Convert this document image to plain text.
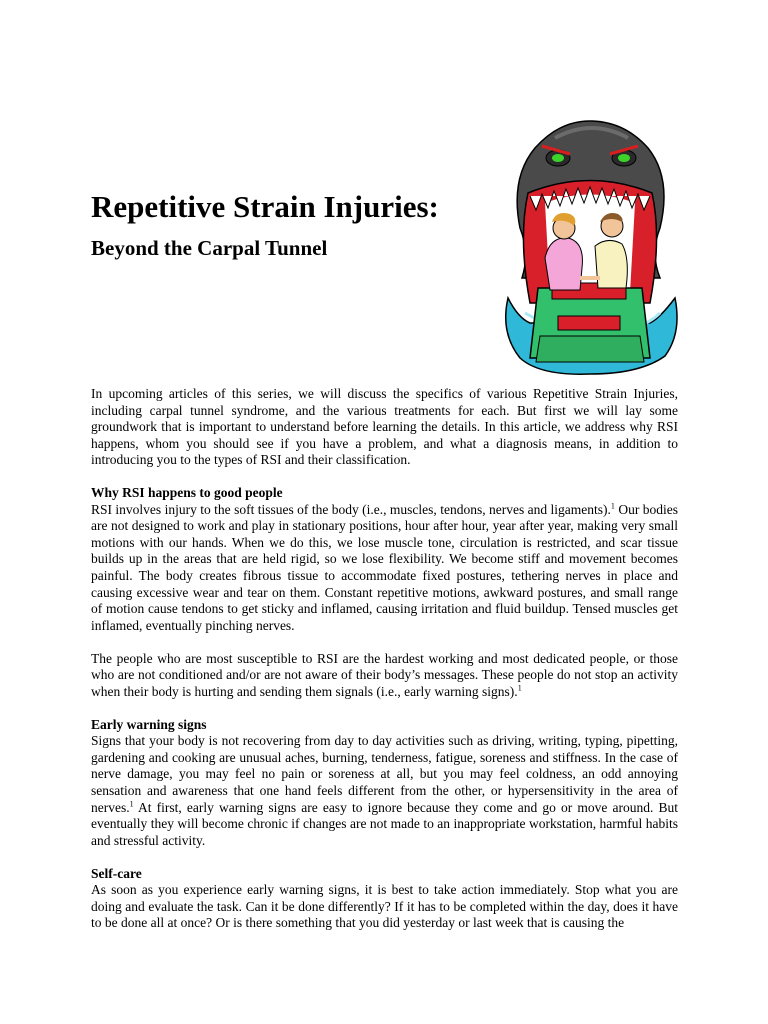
Repetitive Strain Injuries:
Beyond the Carpal Tunnel

In upcoming articles of this series, we will discuss the specifics of various Repetitive Strain Injuries, including carpal tunnel syndrome, and the various treatments for each. But first we will lay some groundwork that is important to understand before learning the details. In this article, we address why RSI happens, whom you should see if you have a problem, and what a diagnosis means, in addition to introducing you to the types of RSI and their classification.

Why RSI happens to good people

RSI involves injury to the soft tissues of the body (i.e., muscles, tendons, nerves and ligaments).$^1$ Our bodies are not designed to work and play in stationary positions, hour after hour, year after year, making very small motions with our hands. When we do this, we lose muscle tone, circulation is restricted, and scar tissue builds up in the areas that are held rigid, so we lose flexibility. We become stiff and movement becomes painful. The body creates fibrous tissue to accommodate fixed postures, tethering nerves in place and causing excessive wear and tear on them. Constant repetitive motions, awkward postures, and small range of motion cause tendons to get sticky and inflamed, causing irritation and fluid buildup. Tensed muscles get inflamed, eventually pinching nerves.

The people who are most susceptible to RSI are the hardest working and most dedicated people, or those who are not conditioned and/or are not aware of their body’s messages. These people do not stop an activity when their body is hurting and sending them signals (i.e., early warning signs).$^1$

Early warning signs

Signs that your body is not recovering from day to day activities such as driving, writing, typing, pipetting, gardening and cooking are unusual aches, burning, tenderness, fatigue, soreness and stiffness. In the case of nerve damage, you may feel no pain or soreness at all, but you may feel coldness, an odd annoying sensation and awareness that one hand feels different from the other, or hypersensitivity in the area of nerves.$^1$ At first, early warning signs are easy to ignore because they come and go or move around. But eventually they will become chronic if changes are not made to an inappropriate workstation, harmful habits and stressful activity.

Self-care

As soon as you experience early warning signs, it is best to take action immediately. Stop what you are doing and evaluate the task. Can it be done differently? If it has to be completed within the day, does it have to be done all at once? Or is there something that you did yesterday or last week that is causing the
